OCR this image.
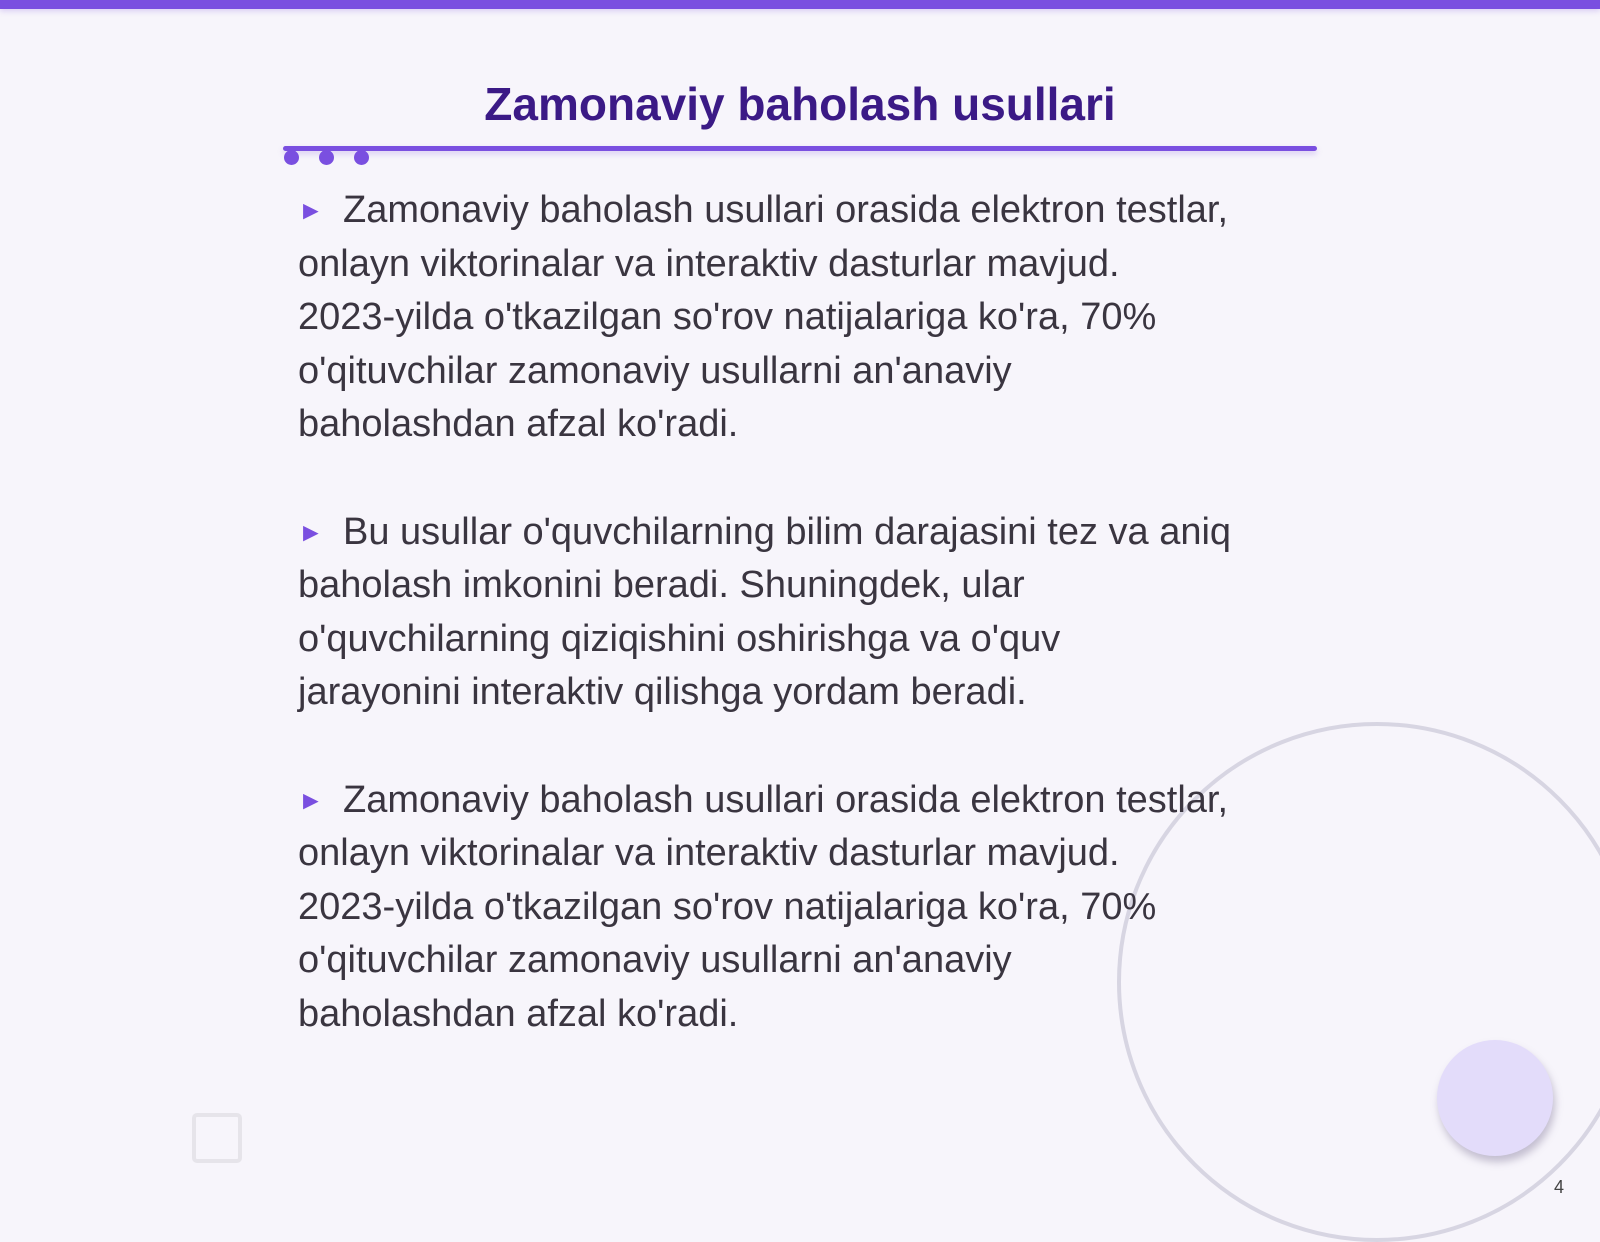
Zamonaviy baholash usullari
► Zamonaviy baholash usullari orasida elektron testlar,
onlayn viktorinalar va interaktiv dasturlar mavjud.
2023-yilda o'tkazilgan so'rov natijalariga ko'ra, 70%
o'qituvchilar zamonaviy usullarni an'anaviy
baholashdan afzal ko'radi.
► Bu usullar o'quvchilarning bilim darajasini tez va aniq
baholash imkonini beradi. Shuningdek, ular
o'quvchilarning qiziqishini oshirishga va o'quv
jarayonini interaktiv qilishga yordam beradi.
► Zamonaviy baholash usullari orasida elektron testlar,
onlayn viktorinalar va interaktiv dasturlar mavjud.
2023-yilda o'tkazilgan so'rov natijalariga ko'ra, 70%
o'qituvchilar zamonaviy usullarni an'anaviy
baholashdan afzal ko'radi.
4
